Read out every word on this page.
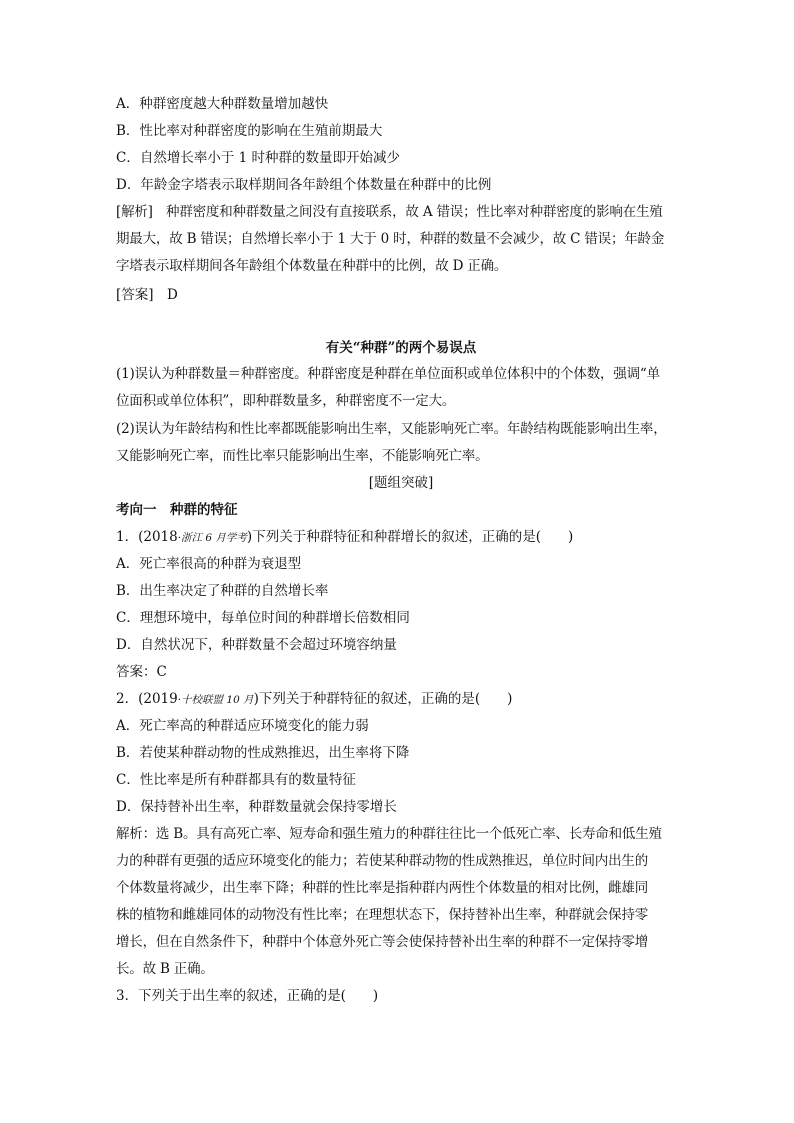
A．种群密度越大种群数量增加越快
B．性比率对种群密度的影响在生殖前期最大
C．自然增长率小于 1 时种群的数量即开始减少
D．年龄金字塔表示取样期间各年龄组个体数量在种群中的比例
[解析]　种群密度和种群数量之间没有直接联系，故 A 错误；性比率对种群密度的影响在生殖
期最大，故 B 错误；自然增长率小于 1 大于 0 时，种群的数量不会减少，故 C 错误；年龄金
字塔表示取样期间各年龄组个体数量在种群中的比例，故 D 正确。
[答案]　D
有关“种群”的两个易误点
(1)误认为种群数量＝种群密度。种群密度是种群在单位面积或单位体积中的个体数，强调“单
位面积或单位体积”，即种群数量多，种群密度不一定大。
(2)误认为年龄结构和性比率都既能影响出生率，又能影响死亡率。年龄结构既能影响出生率，
又能影响死亡率，而性比率只能影响出生率，不能影响死亡率。
[题组突破]
考向一　种群的特征
1．(2018·浙江 6 月学考)下列关于种群特征和种群增长的叙述，正确的是(　　)
A．死亡率很高的种群为衰退型
B．出生率决定了种群的自然增长率
C．理想环境中，每单位时间的种群增长倍数相同
D．自然状况下，种群数量不会超过环境容纳量
答案：C
2．(2019·十校联盟 10 月)下列关于种群特征的叙述，正确的是(　　)
A．死亡率高的种群适应环境变化的能力弱
B．若使某种群动物的性成熟推迟，出生率将下降
C．性比率是所有种群都具有的数量特征
D．保持替补出生率，种群数量就会保持零增长
解析：选 B。具有高死亡率、短寿命和强生殖力的种群往往比一个低死亡率、长寿命和低生殖
力的种群有更强的适应环境变化的能力；若使某种群动物的性成熟推迟，单位时间内出生的
个体数量将减少，出生率下降；种群的性比率是指种群内两性个体数量的相对比例，雌雄同
株的植物和雌雄同体的动物没有性比率；在理想状态下，保持替补出生率，种群就会保持零
增长，但在自然条件下，种群中个体意外死亡等会使保持替补出生率的种群不一定保持零增
长。故 B 正确。
3．下列关于出生率的叙述，正确的是(　　)
